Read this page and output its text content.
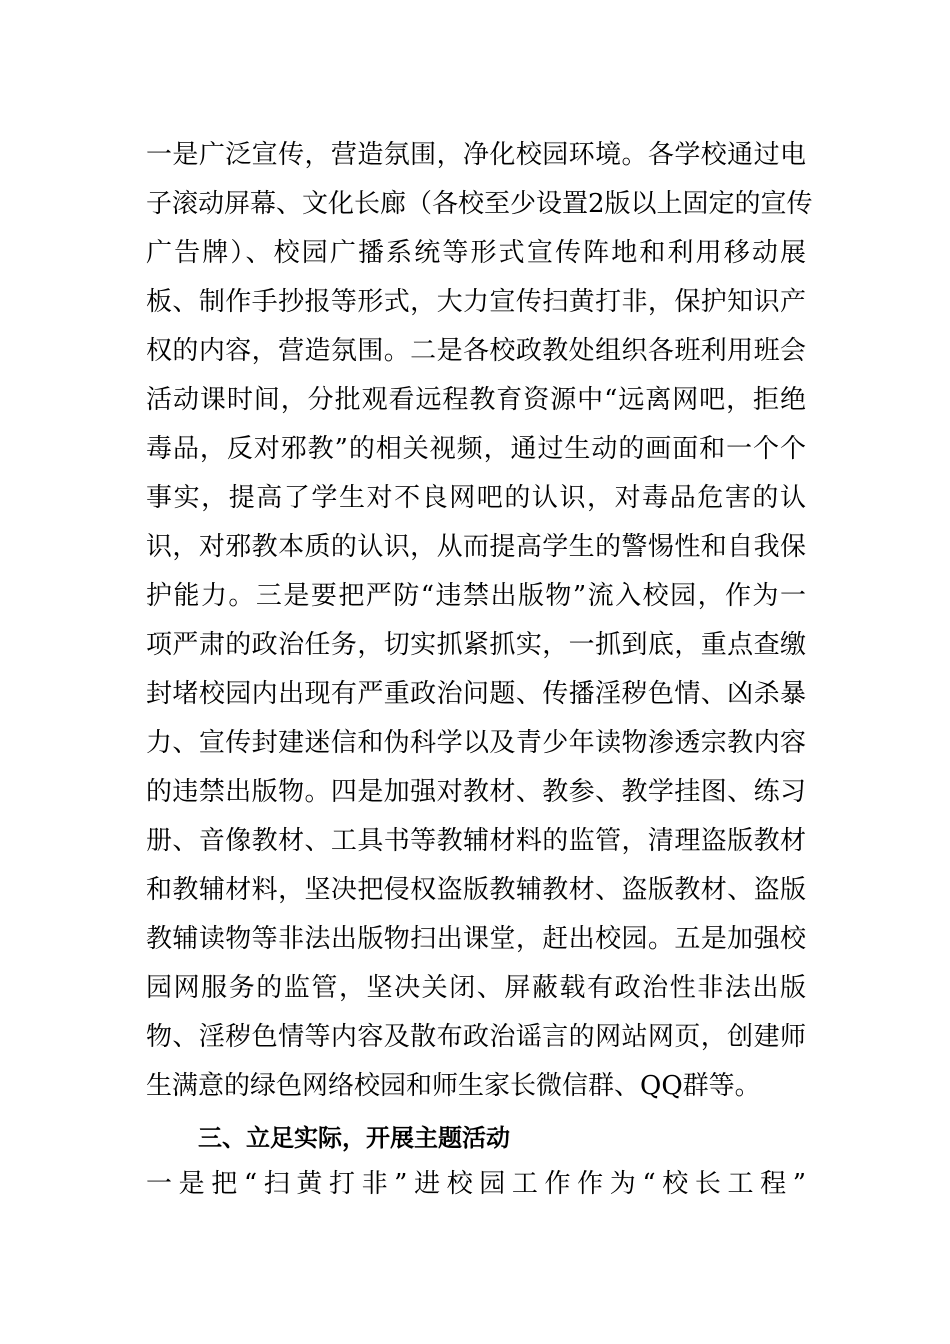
一是广泛宣传，营造氛围，净化校园环境。各学校通过电
子滚动屏幕、文化长廊（各校至少设置2版以上固定的宣传
广告牌）、校园广播系统等形式宣传阵地和利用移动展
板、制作手抄报等形式，大力宣传扫黄打非，保护知识产
权的内容，营造氛围。二是各校政教处组织各班利用班会
活动课时间，分批观看远程教育资源中“远离网吧，拒绝
毒品，反对邪教”的相关视频，通过生动的画面和一个个
事实，提高了学生对不良网吧的认识，对毒品危害的认
识，对邪教本质的认识，从而提高学生的警惕性和自我保
护能力。三是要把严防“违禁出版物”流入校园，作为一
项严肃的政治任务，切实抓紧抓实，一抓到底，重点查缴
封堵校园内出现有严重政治问题、传播淫秽色情、凶杀暴
力、宣传封建迷信和伪科学以及青少年读物渗透宗教内容
的违禁出版物。四是加强对教材、教参、教学挂图、练习
册、音像教材、工具书等教辅材料的监管，清理盗版教材
和教辅材料，坚决把侵权盗版教辅教材、盗版教材、盗版
教辅读物等非法出版物扫出课堂，赶出校园。五是加强校
园网服务的监管，坚决关闭、屏蔽载有政治性非法出版
物、淫秽色情等内容及散布政治谣言的网站网页，创建师
生满意的绿色网络校园和师生家长微信群、QQ群等。
三、立足实际，开展主题活动
一是把“扫黄打非”进校园工作作为“校长工程”
